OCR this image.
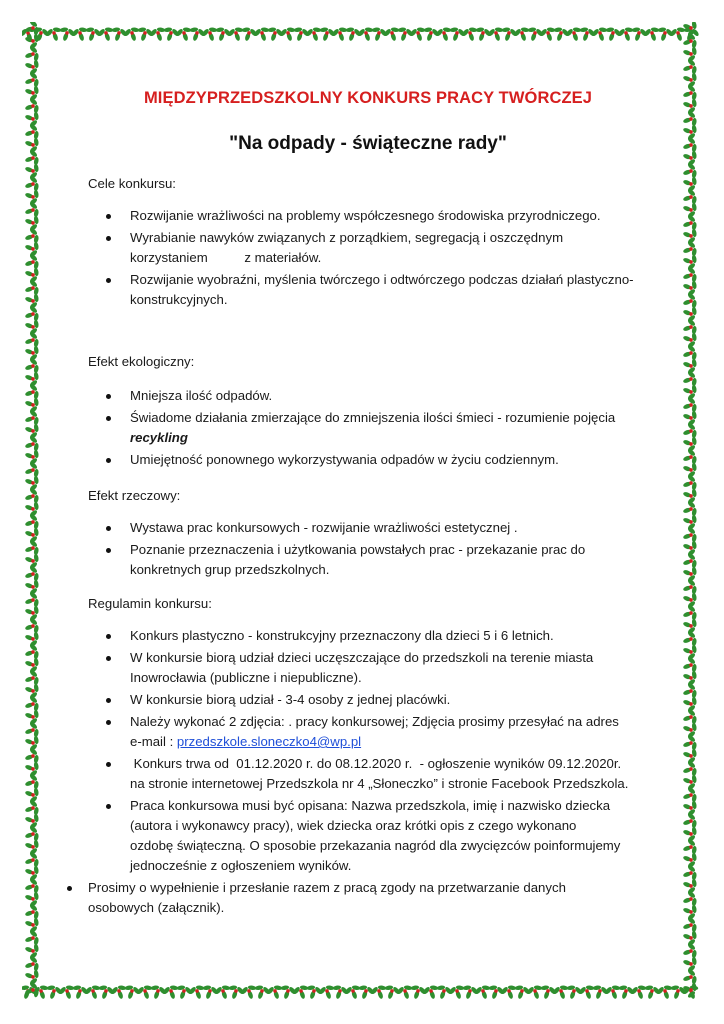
MIĘDZYPRZEDSZKOLNY KONKURS PRACY TWÓRCZEJ
"Na odpady - świąteczne rady"
Cele konkursu:
Rozwijanie wrażliwości na problemy współczesnego środowiska przyrodniczego.
Wyrabianie nawyków związanych z porządkiem, segregacją i oszczędnym
korzystaniem          z materiałów.
Rozwijanie wyobraźni, myślenia twórczego i odtwórczego podczas działań plastyczno-
konstrukcyjnych.
Efekt ekologiczny:
Mniejsza ilość odpadów.
Świadome działania zmierzające do zmniejszenia ilości śmieci - rozumienie pojęcia
recykling
Umiejętność ponownego wykorzystywania odpadów w życiu codziennym.
Efekt rzeczowy:
Wystawa prac konkursowych - rozwijanie wrażliwości estetycznej .
Poznanie przeznaczenia i użytkowania powstałych prac - przekazanie prac do
konkretnych grup przedszkolnych.
Regulamin konkursu:
Konkurs plastyczno - konstrukcyjny przeznaczony dla dzieci 5 i 6 letnich.
W konkursie biorą udział dzieci uczęszczające do przedszkoli na terenie miasta
Inowrocławia (publiczne i niepubliczne).
W konkursie biorą udział - 3-4 osoby z jednej placówki.
Należy wykonać 2 zdjęcia: . pracy konkursowej; Zdjęcia prosimy przesyłać na adres
e-mail : przedszkole.sloneczko4@wp.pl
Konkurs trwa od  01.12.2020 r. do 08.12.2020 r.  - ogłoszenie wyników 09.12.2020r.
na stronie internetowej Przedszkola nr 4 „Słoneczko” i stronie Facebook Przedszkola.
Praca konkursowa musi być opisana: Nazwa przedszkola, imię i nazwisko dziecka
(autora i wykonawcy pracy), wiek dziecka oraz krótki opis z czego wykonano
ozdobę świąteczną. O sposobie przekazania nagród dla zwycięzców poinformujemy
jednocześnie z ogłoszeniem wyników.
Prosimy o wypełnienie i przesłanie razem z pracą zgody na przetwarzanie danych
osobowych (załącznik).
